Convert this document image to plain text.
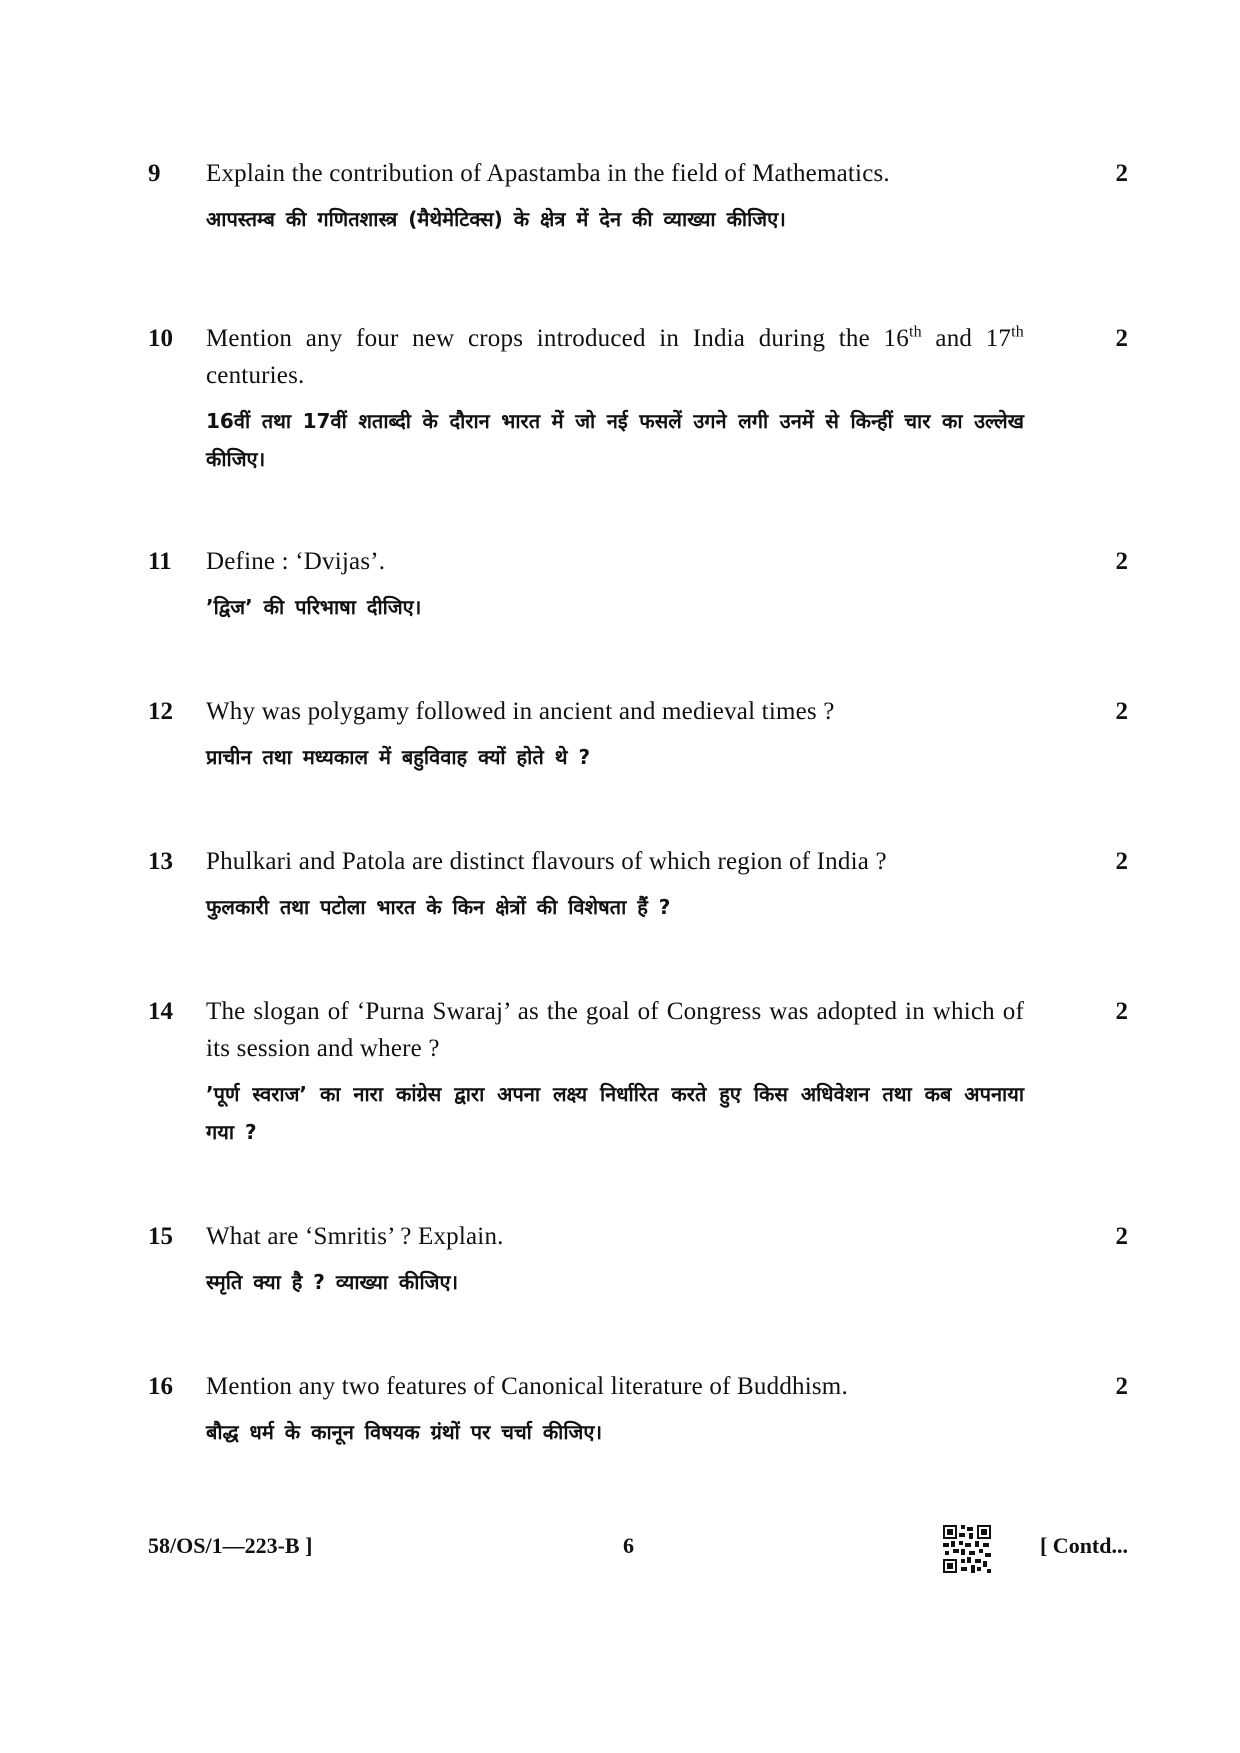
9 Explain the contribution of Apastamba in the field of Mathematics.
आपस्तम्ब की गणितशास्त्र (मैथेमेटिक्स) के क्षेत्र में देन की व्याख्या कीजिए।
2
10 Mention any four new crops introduced in India during the 16th and 17th centuries.
16वीं तथा 17वीं शताब्दी के दौरान भारत में जो नई फसलें उगने लगी उनमें से किन्हीं चार का उल्लेख कीजिए।
2
11 Define : ‘Dvijas’.
’द्विज’ की परिभाषा दीजिए।
2
12 Why was polygamy followed in ancient and medieval times ?
प्राचीन तथा मध्यकाल में बहुविवाह क्यों होते थे ?
2
13 Phulkari and Patola are distinct flavours of which region of India ?
फुलकारी तथा पटोला भारत के किन क्षेत्रों की विशेषता हैं ?
2
14 The slogan of ‘Purna Swaraj’ as the goal of Congress was adopted in which of its session and where ?
’पूर्ण स्वराज’ का नारा कांग्रेस द्वारा अपना लक्ष्य निर्धारित करते हुए किस अधिवेशन तथा कब अपनाया गया ?
2
15 What are ‘Smritis’ ? Explain.
स्मृति क्या है ? व्याख्या कीजिए।
2
16 Mention any two features of Canonical literature of Buddhism.
बौद्ध धर्म के कानून विषयक ग्रंथों पर चर्चा कीजिए।
2
58/OS/1—223-B ]	6	[ Contd...
